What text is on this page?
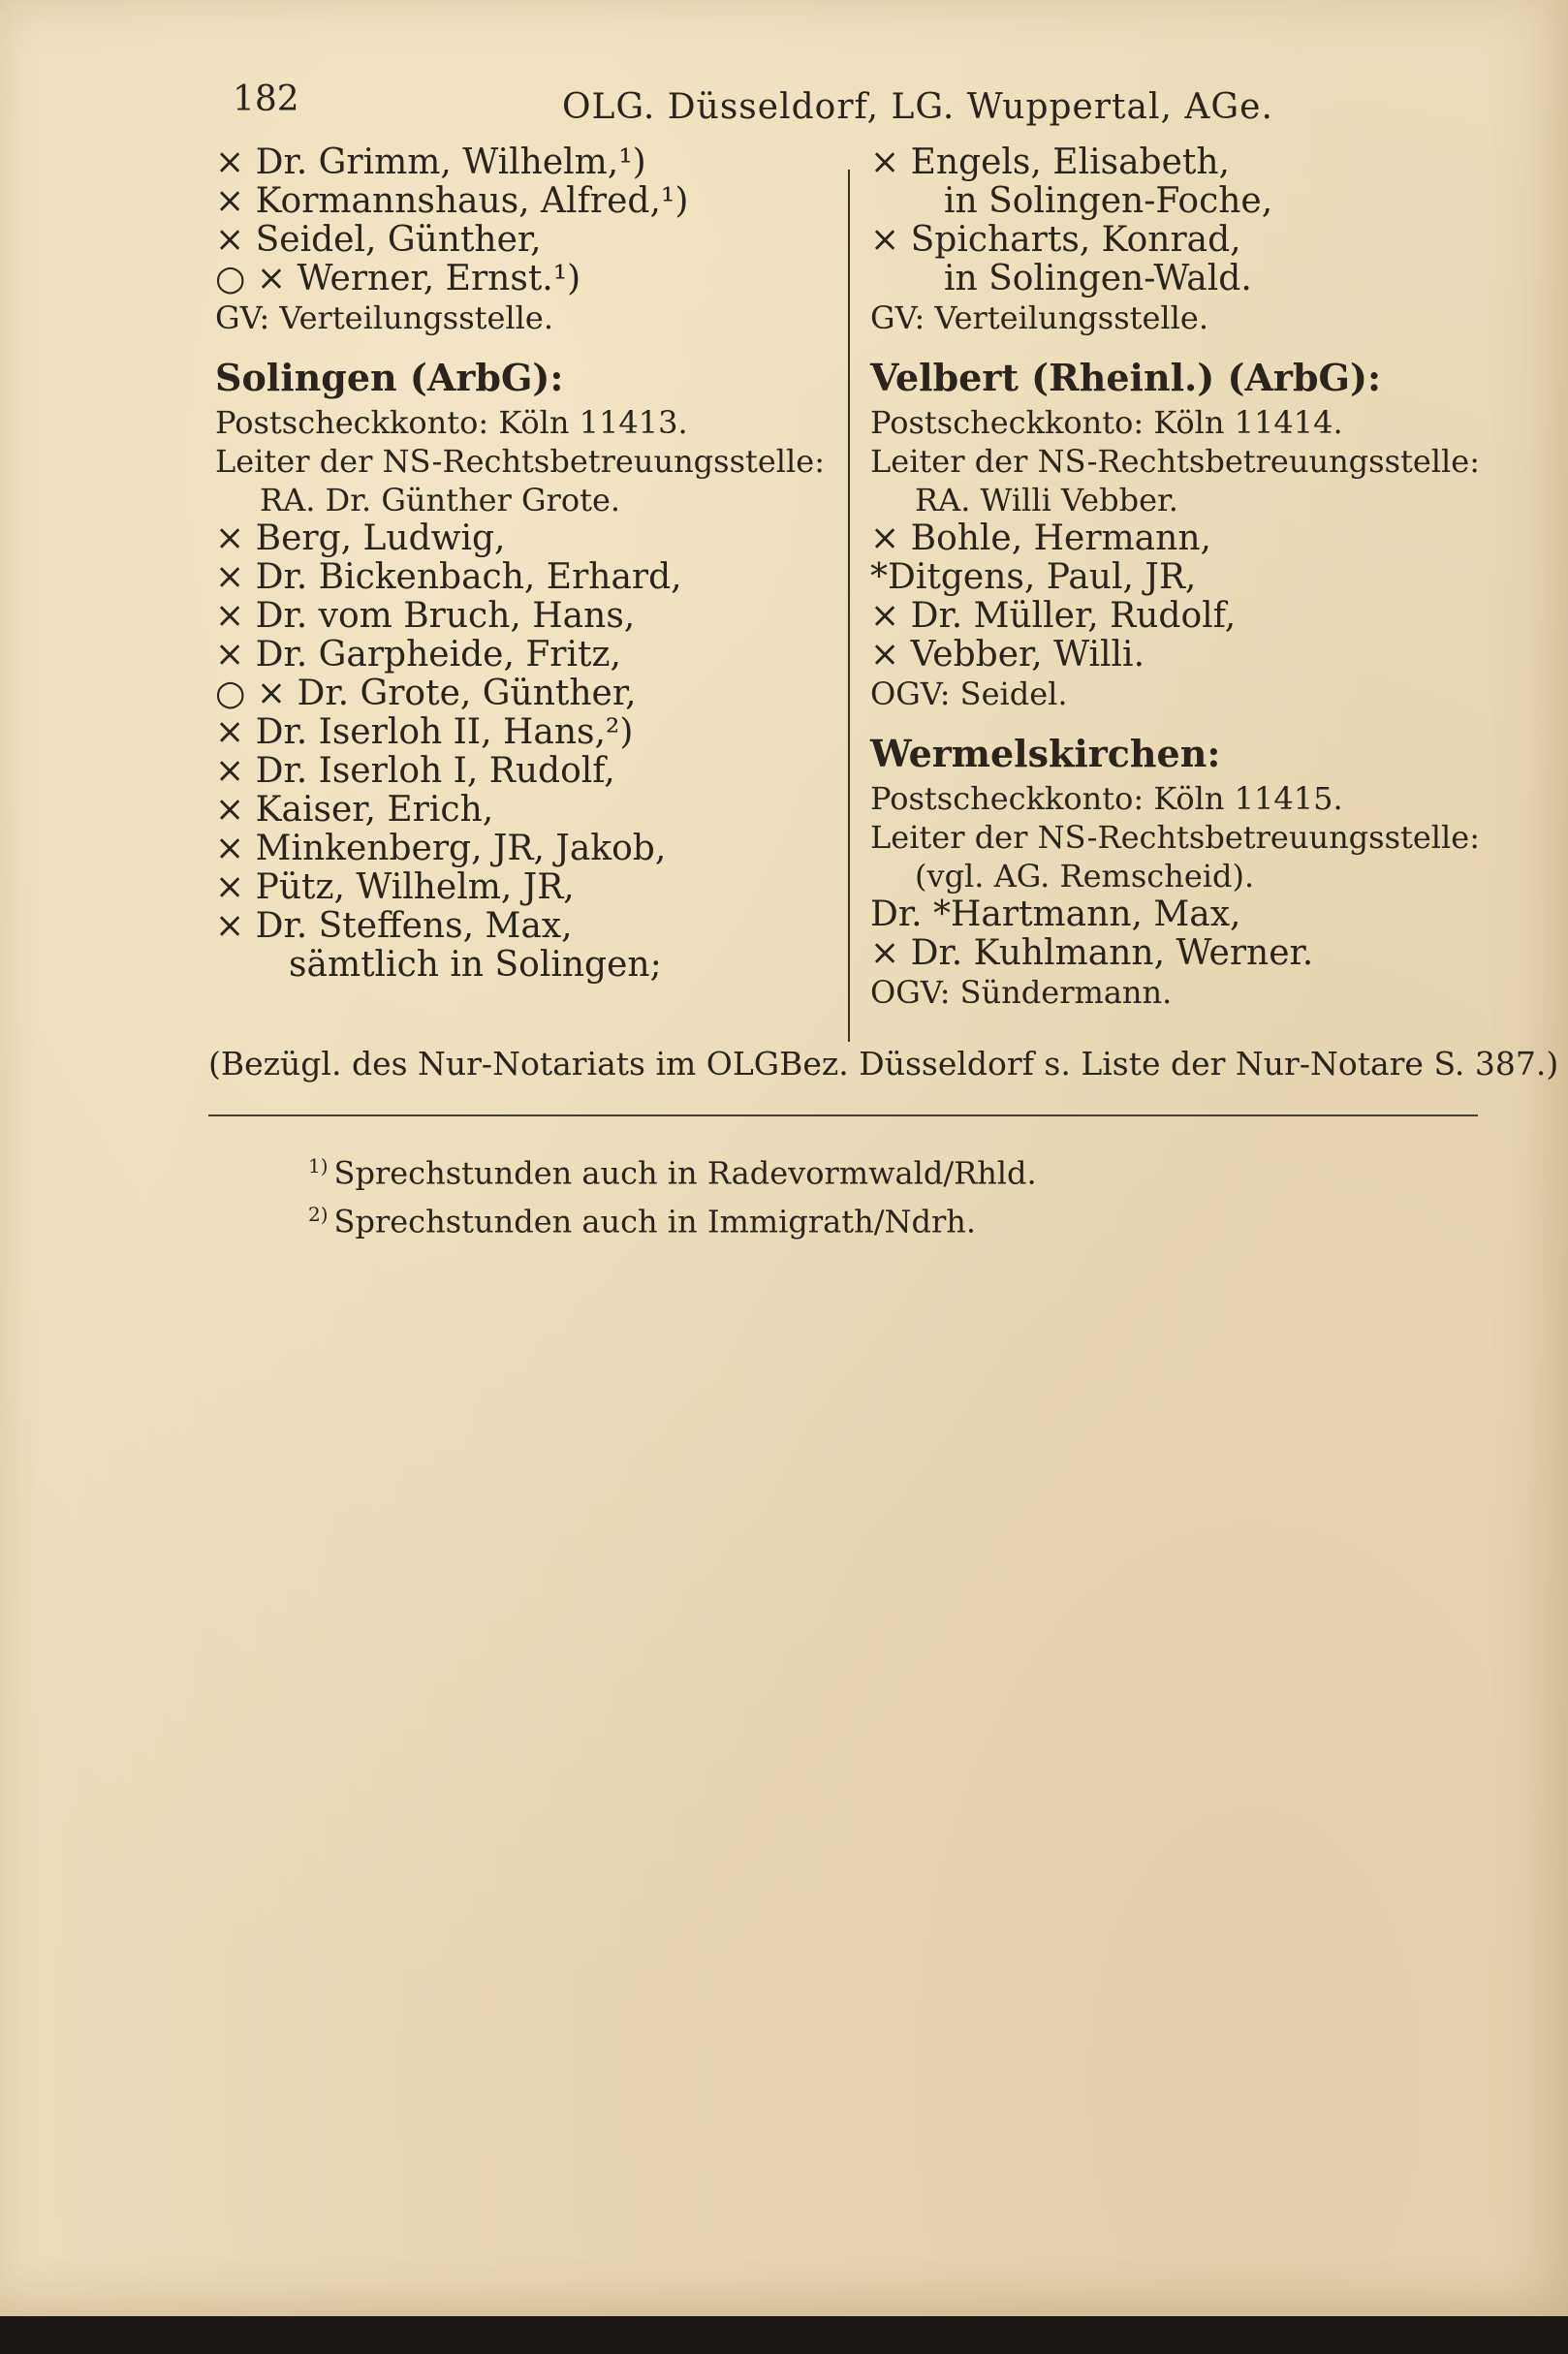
182	OLG. Düsseldorf, LG. Wuppertal, AGe.

× Dr. Grimm, Wilhelm,¹)

× Kormannshaus, Alfred,¹)

× Seidel, Günther,

○ × Werner, Ernst.¹)

GV: Verteilungsstelle.

Solingen (ArbG):

Postscheckkonto: Köln 11413.

Leiter der NS-Rechtsbetreuungsstelle:

RA. Dr. Günther Grote.

× Berg, Ludwig,

× Dr. Bickenbach, Erhard,

× Dr. vom Bruch, Hans,

× Dr. Garpheide, Fritz,

○ × Dr. Grote, Günther,

× Dr. Iserloh II, Hans,²)

× Dr. Iserloh I, Rudolf,

× Kaiser, Erich,

× Minkenberg, JR, Jakob,

× Pütz, Wilhelm, JR,

× Dr. Steffens, Max,

sämtlich in Solingen;

× Engels, Elisabeth,

in Solingen-Foche,

× Spicharts, Konrad,

in Solingen-Wald.

GV: Verteilungsstelle.

Velbert (Rheinl.) (ArbG):

Postscheckkonto: Köln 11414.

Leiter der NS-Rechtsbetreuungsstelle:

RA. Willi Vebber.

× Bohle, Hermann,

*Ditgens, Paul, JR,

× Dr. Müller, Rudolf,

× Vebber, Willi.

OGV: Seidel.

Wermelskirchen:

Postscheckkonto: Köln 11415.

Leiter der NS-Rechtsbetreuungsstelle:

(vgl. AG. Remscheid).

Dr. *Hartmann, Max,

× Dr. Kuhlmann, Werner.

OGV: Sündermann.

(Bezügl. des Nur-Notariats im OLGBez. Düsseldorf s. Liste der Nur-Notare S. 387.)
$^{1)}$ Sprechstunden auch in Radevormwald/Rhld.
$^{2)}$ Sprechstunden auch in Immigrath/Ndrh.
